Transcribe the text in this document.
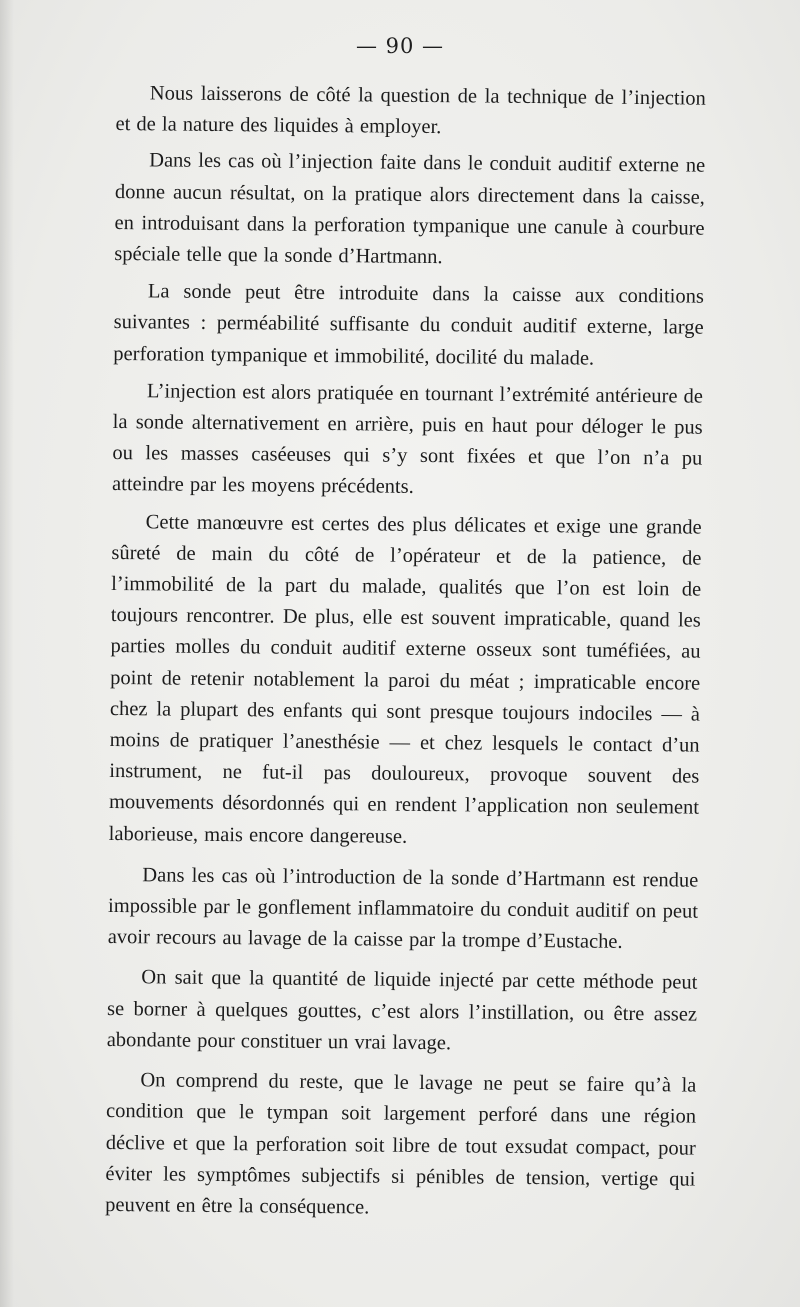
— 90 —

Nous laisserons de côté la question de la technique de l’injection et de la nature des liquides à employer.

Dans les cas où l’injection faite dans le conduit auditif externe ne donne aucun résultat, on la pratique alors directement dans la caisse, en introduisant dans la perforation tympanique une canule à courbure spéciale telle que la sonde d’Hartmann.

La sonde peut être introduite dans la caisse aux conditions suivantes : perméabilité suffisante du conduit auditif externe, large perforation tympanique et immobilité, docilité du malade.

L’injection est alors pratiquée en tournant l’extrémité antérieure de la sonde alternativement en arrière, puis en haut pour déloger le pus ou les masses caséeuses qui s’y sont fixées et que l’on n’a pu atteindre par les moyens précédents.

Cette manœuvre est certes des plus délicates et exige une grande sûreté de main du côté de l’opérateur et de la patience, de l’immobilité de la part du malade, qualités que l’on est loin de toujours rencontrer. De plus, elle est souvent impraticable, quand les parties molles du conduit auditif externe osseux sont tuméfiées, au point de retenir notablement la paroi du méat ; impraticable encore chez la plupart des enfants qui sont presque toujours indociles — à moins de pratiquer l’anesthésie — et chez lesquels le contact d’un instrument, ne fut-il pas douloureux, provoque souvent des mouvements désordonnés qui en rendent l’application non seulement laborieuse, mais encore dangereuse.

Dans les cas où l’introduction de la sonde d’Hartmann est rendue impossible par le gonflement inflammatoire du conduit auditif on peut avoir recours au lavage de la caisse par la trompe d’Eustache.

On sait que la quantité de liquide injecté par cette méthode peut se borner à quelques gouttes, c’est alors l’instillation, ou être assez abondante pour constituer un vrai lavage.

On comprend du reste, que le lavage ne peut se faire qu’à la condition que le tympan soit largement perforé dans une région déclive et que la perforation soit libre de tout exsudat compact, pour éviter les symptômes subjectifs si pénibles de tension, vertige qui peuvent en être la conséquence.
